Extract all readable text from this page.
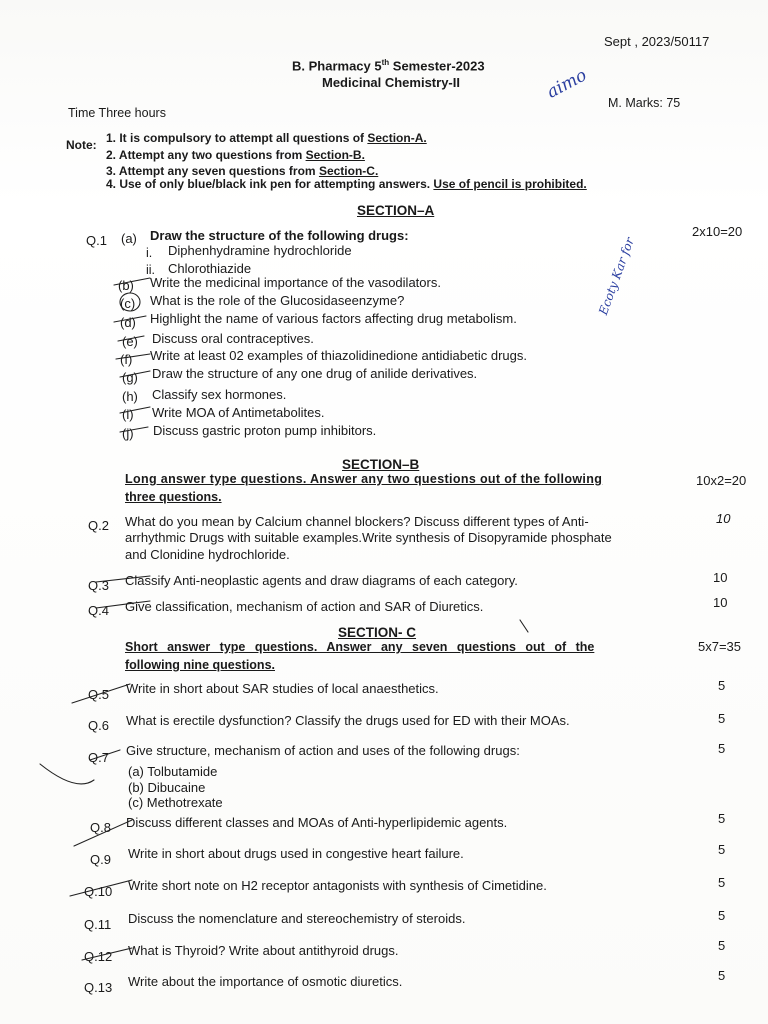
Sept , 2023/50117
B. Pharmacy 5th Semester-2023
Medicinal Chemistry-II
Time Three hours
M. Marks: 75
Note: 1. It is compulsory to attempt all questions of Section-A.
2. Attempt any two questions from Section-B.
3. Attempt any seven questions from Section-C.
4. Use of only blue/black ink pen for attempting answers. Use of pencil is prohibited.
SECTION–A
Q.1
2x10=20
(a) Draw the structure of the following drugs:
i. Diphenhydramine hydrochloride
ii. Chlorothiazide
(b) Write the medicinal importance of the vasodilators.
(c) What is the role of the Glucosidaseenzyme?
(d) Highlight the name of various factors affecting drug metabolism.
(e) Discuss oral contraceptives.
(f) Write at least 02 examples of thiazolidinedione antidiabetic drugs.
(g) Draw the structure of any one drug of anilide derivatives.
(h) Classify sex hormones.
(i) Write MOA of Antimetabolites.
(j) Discuss gastric proton pump inhibitors.
SECTION–B
Long answer type questions. Answer any two questions out of the following
three questions.
10x2=20
Q.2 What do you mean by Calcium channel blockers? Discuss different types of Anti-
arrhythmic Drugs with suitable examples.Write synthesis of Disopyramide phosphate
and Clonidine hydrochloride.
10
Q.3 Classify Anti-neoplastic agents and draw diagrams of each category.	10
Q.4 Give classification, mechanism of action and SAR of Diuretics.	10
SECTION- C
Short answer type questions. Answer any seven questions out of the
following nine questions.
5x7=35
Q.5 Write in short about SAR studies of local anaesthetics.	5
Q.6 What is erectile dysfunction? Classify the drugs used for ED with their MOAs.	5
Q.7 Give structure, mechanism of action and uses of the following drugs:	5
(a) Tolbutamide
(b) Dibucaine
(c) Methotrexate
Q.8 Discuss different classes and MOAs of Anti-hyperlipidemic agents.	5
Q.9 Write in short about drugs used in congestive heart failure.	5
Q.10 Write short note on H2 receptor antagonists with synthesis of Cimetidine.	5
Q.11 Discuss the nomenclature and stereochemistry of steroids.	5
Q.12 What is Thyroid? Write about antithyroid drugs.	5
Q.13 Write about the importance of osmotic diuretics.	5
aimo
Ecoty Kar for
